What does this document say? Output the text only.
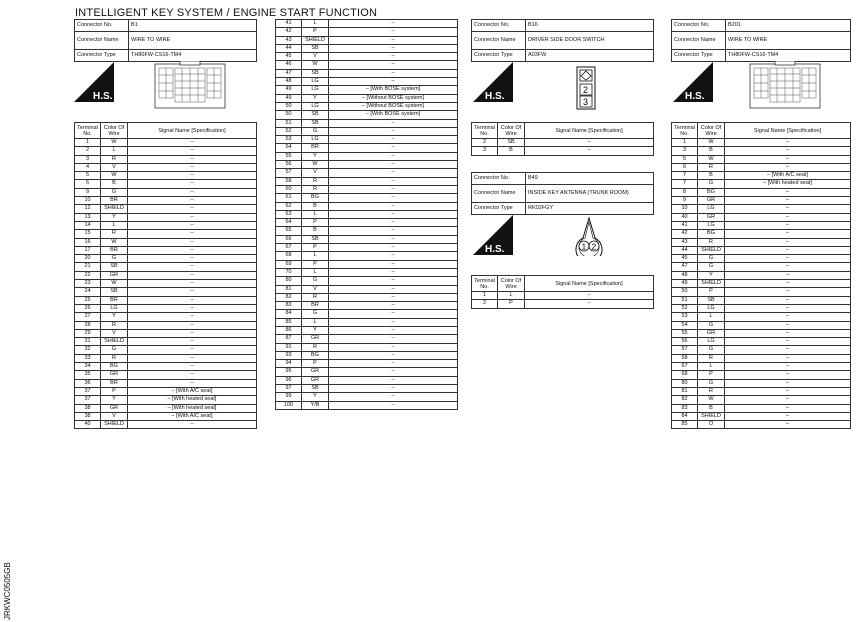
INTELLIGENT KEY SYSTEM / ENGINE START FUNCTION
JRKWC0505GB
Connector No.	B1
Connector Name	WIRE TO WIRE
Connector Type	TH80FW-CS16-TM4
H.S.	H.S.	H.S.
H.S.
Terminal No.	Color Of Wire	Signal Name [Specification]
1	W	–
2	L	–
3	R	–
4	V	–
5	W	–
6	B	–
9	G	–
10	BR	–
12	SHIELD	–
13	Y	–
14	L	–
15	R	–
16	W	–
17	BR	–
20	G	–
21	SB	–
22	GR	–
23	W	–
24	SB	–
25	BR	–
26	LG	–
27	Y	–
28	R	–
29	V	–
31	SHIELD	–
32	G	–
33	R	–
34	BG	–
35	GR	–
36	BR	–
37	P	– [With A/C seat]
37	Y	– [With heated seat]
38	GR	– [With heated seat]
38	V	– [With A/C seat]
40	SHIELD	–
41	L	–
42	P	–
43	SHIELD	–
44	SB	–
45	V	–
46	W	–
47	SB	–
48	LG	–
49	LG	– [With BOSE system]
49	Y	– [Without BOSE system]
50	LG	– [Without BOSE system]
50	SB	– [With BOSE system]
51	SB	–
52	G	–
53	LG	–
54	BR	–
55	Y	–
56	W	–
57	V	–
58	R	–
60	R	–
61	BG	–
62	B	–
63	L	–
64	P	–
65	B	–
66	SB	–
67	P	–
68	L	–
69	P	–
70	L	–
80	G	–
81	V	–
82	R	–
83	BR	–
84	G	–
85	L	–
86	Y	–
87	GR	–
91	R	–
93	BG	–
94	P	–
95	GR	–
96	GR	–
97	SB	–
99	Y	–
100	Y/B	–
Connector No.	B16
Connector Name	DRIVER SIDE DOOR SWITCH
Connector Type	A03FW
2
3
Terminal No.	Color Of Wire	Signal Name [Specification]
2	SB	–
3	B	–
Connector No.	B49
Connector Name	INSIDE KEY ANTENNA (TRUNK ROOM)
Connector Type	RK02FGY
1 2
Terminal No.	Color Of Wire	Signal Name [Specification]
1	L	–
2	P	–
Connector No.	B201
Connector Name	WIRE TO WIRE
Connector Type	TH80FW-CS16-TM4
Terminal No.	Color Of Wire	Signal Name [Specification]
1	W	–
3	B	–
5	W	–
6	R	–
7	B	– [With A/C seat]
7	G	– [With heated seat]
8	BG	–
9	GR	–
10	LG	–
40	GR	–
41	LG	–
42	BG	–
43	R	–
44	SHIELD	–
45	G	–
47	G	–
48	Y	–
49	SHIELD	–
50	P	–
51	SB	–
52	LG	–
53	L	–
54	G	–
55	GR	–
56	LG	–
57	G	–
58	R	–
67	L	–
68	P	–
80	G	–
81	R	–
82	W	–
83	B	–
84	SHIELD	–
85	O	–
